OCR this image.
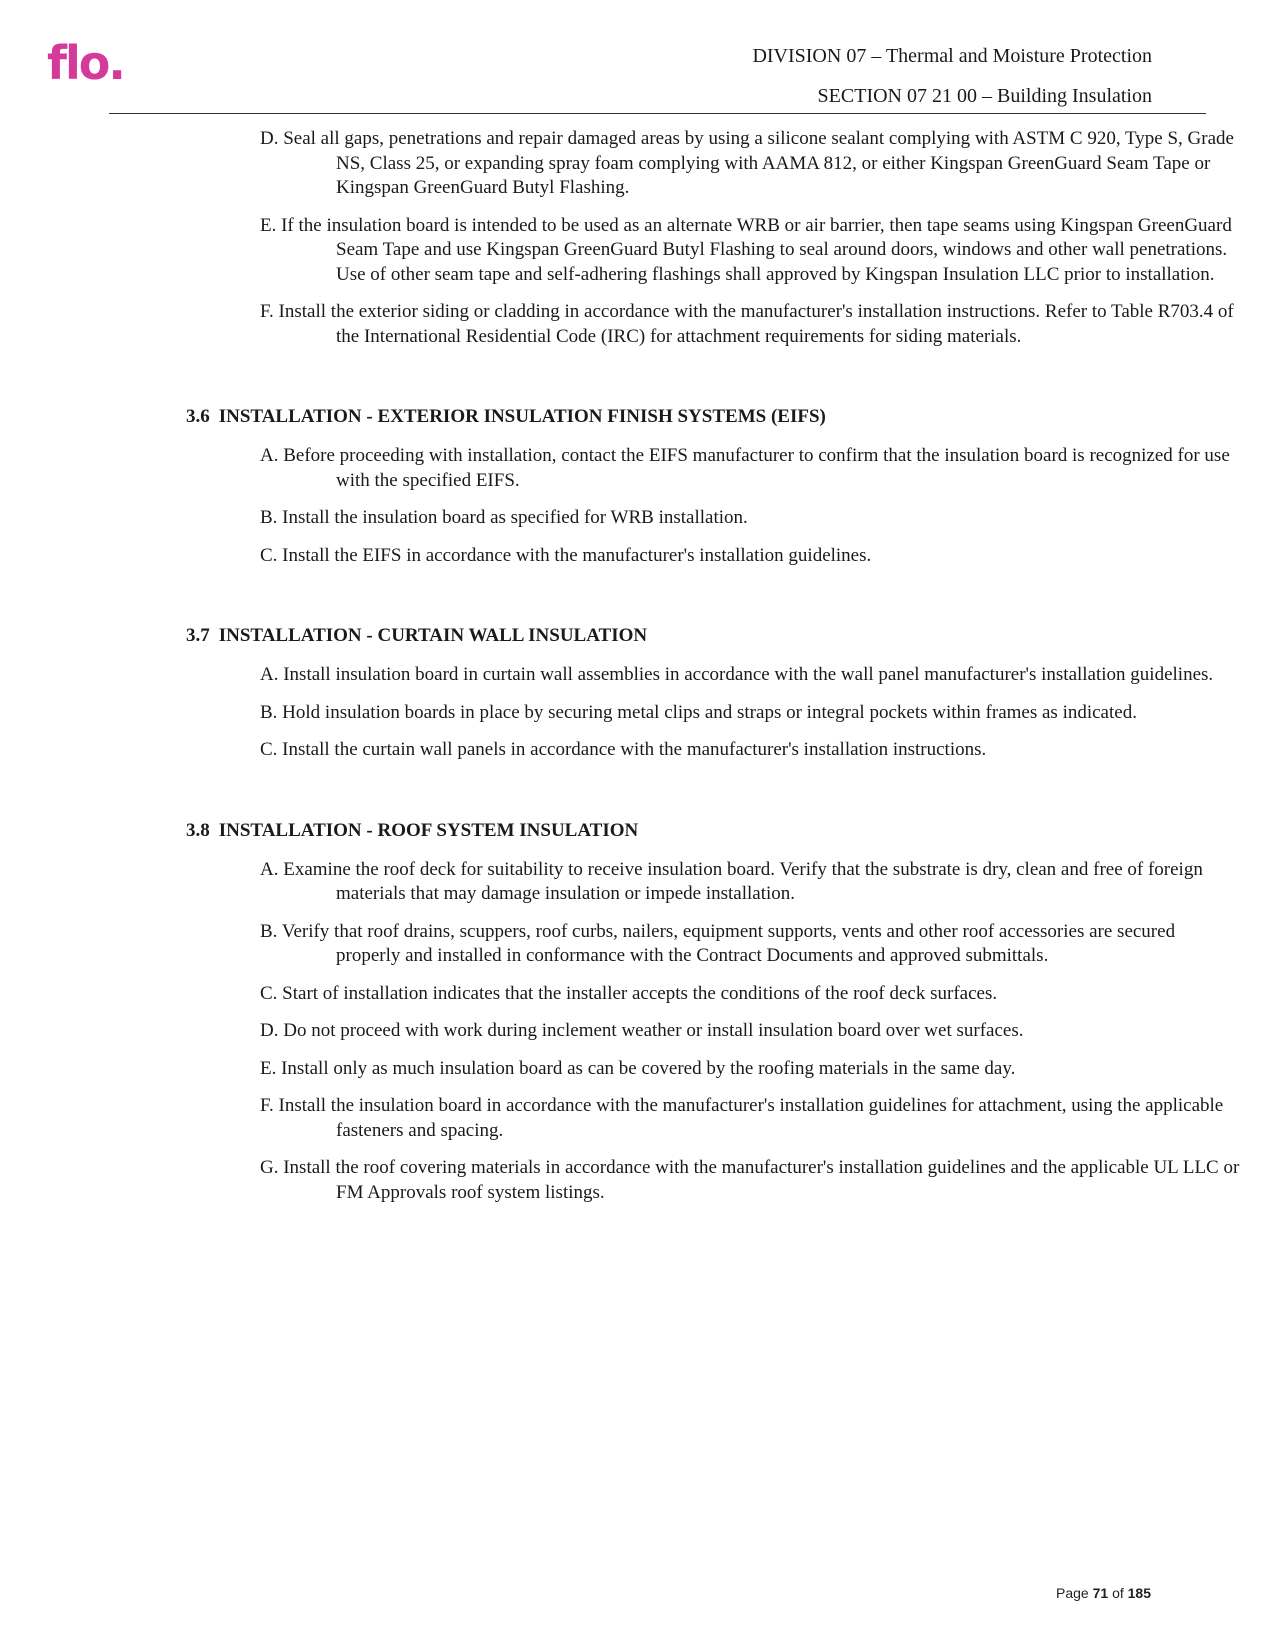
flo.	DIVISION 07 – Thermal and Moisture Protection
SECTION 07 21 00 – Building Insulation
D. Seal all gaps, penetrations and repair damaged areas by using a silicone sealant complying with ASTM C 920, Type S, Grade NS, Class 25, or expanding spray foam complying with AAMA 812, or either Kingspan GreenGuard Seam Tape or Kingspan GreenGuard Butyl Flashing.
E. If the insulation board is intended to be used as an alternate WRB or air barrier, then tape seams using Kingspan GreenGuard Seam Tape and use Kingspan GreenGuard Butyl Flashing to seal around doors, windows and other wall penetrations. Use of other seam tape and self-adhering flashings shall approved by Kingspan Insulation LLC prior to installation.
F. Install the exterior siding or cladding in accordance with the manufacturer's installation instructions. Refer to Table R703.4 of the International Residential Code (IRC) for attachment requirements for siding materials.
3.6 INSTALLATION - EXTERIOR INSULATION FINISH SYSTEMS (EIFS)
A. Before proceeding with installation, contact the EIFS manufacturer to confirm that the insulation board is recognized for use with the specified EIFS.
B. Install the insulation board as specified for WRB installation.
C. Install the EIFS in accordance with the manufacturer's installation guidelines.
3.7 INSTALLATION - CURTAIN WALL INSULATION
A. Install insulation board in curtain wall assemblies in accordance with the wall panel manufacturer's installation guidelines.
B. Hold insulation boards in place by securing metal clips and straps or integral pockets within frames as indicated.
C. Install the curtain wall panels in accordance with the manufacturer's installation instructions.
3.8 INSTALLATION - ROOF SYSTEM INSULATION
A. Examine the roof deck for suitability to receive insulation board. Verify that the substrate is dry, clean and free of foreign materials that may damage insulation or impede installation.
B. Verify that roof drains, scuppers, roof curbs, nailers, equipment supports, vents and other roof accessories are secured properly and installed in conformance with the Contract Documents and approved submittals.
C. Start of installation indicates that the installer accepts the conditions of the roof deck surfaces.
D. Do not proceed with work during inclement weather or install insulation board over wet surfaces.
E. Install only as much insulation board as can be covered by the roofing materials in the same day.
F. Install the insulation board in accordance with the manufacturer's installation guidelines for attachment, using the applicable fasteners and spacing.
G. Install the roof covering materials in accordance with the manufacturer's installation guidelines and the applicable UL LLC or FM Approvals roof system listings.
Page 71 of 185
